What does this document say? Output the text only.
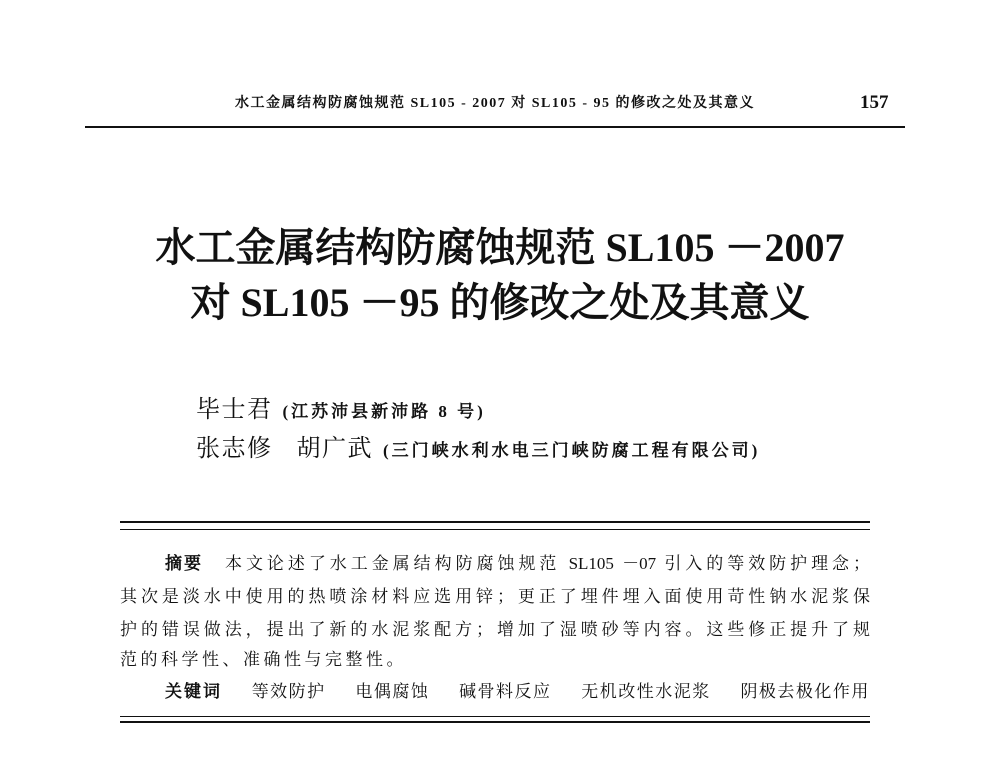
水工金属结构防腐蚀规范 SL105 - 2007 对 SL105 - 95 的修改之处及其意义	157
水工金属结构防腐蚀规范 SL105 －2007
对 SL105 －95 的修改之处及其意义
毕士君 (江苏沛县新沛路 8 号)
张志修 胡广武 (三门峡水利水电三门峡防腐工程有限公司)
摘要 本文论述了水工金属结构防腐蚀规范 SL105 －07 引入的等效防护理念；
其次是淡水中使用的热喷涂材料应选用锌；更正了埋件埋入面使用苛性钠水泥浆保
护的错误做法，提出了新的水泥浆配方；增加了湿喷砂等内容。这些修正提升了规
范的科学性、准确性与完整性。
关键词 等效防护 电偶腐蚀 碱骨料反应 无机改性水泥浆 阴极去极化作用
